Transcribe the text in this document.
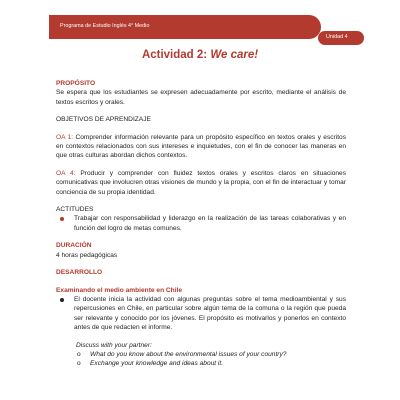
Programa de Estudio Inglés 4° Medio
Unidad 4
Actividad 2: We care!

PROPÓSITO

Se espera que los estudiantes se expresen adecuadamente por escrito, mediante el análisis de textos escritos y orales.

OBJETIVOS DE APRENDIZAJE

OA 1: Comprender información relevante para un propósito específico en textos orales y escritos en contextos relacionados con sus intereses e inquietudes, con el fin de conocer las maneras en que otras culturas abordan dichos contextos.

OA 4: Producir y comprender con fluidez textos orales y escritos claros en situaciones comunicativas que involucren otras visiones de mundo y la propia, con el fin de interactuar y tomar conciencia de su propia identidad.

ACTITUDES

Trabajar con responsabilidad y liderazgo en la realización de las tareas colaborativas y en función del logro de metas comunes.

DURACIÓN

4 horas pedagógicas

DESARROLLO

Examinando el medio ambiente en Chile

El docente inicia la actividad con algunas preguntas sobre el tema medioambiental y sus repercusiones en Chile, en particular sobre algún tema de la comuna o la región que pueda ser relevante y conocido por los jóvenes. El propósito es motivarlos y ponerlos en contexto antes de que redacten el informe.

Discuss with your partner:

o What do you know about the environmental issues of your country?
o Exchange your knowledge and ideas about it.
